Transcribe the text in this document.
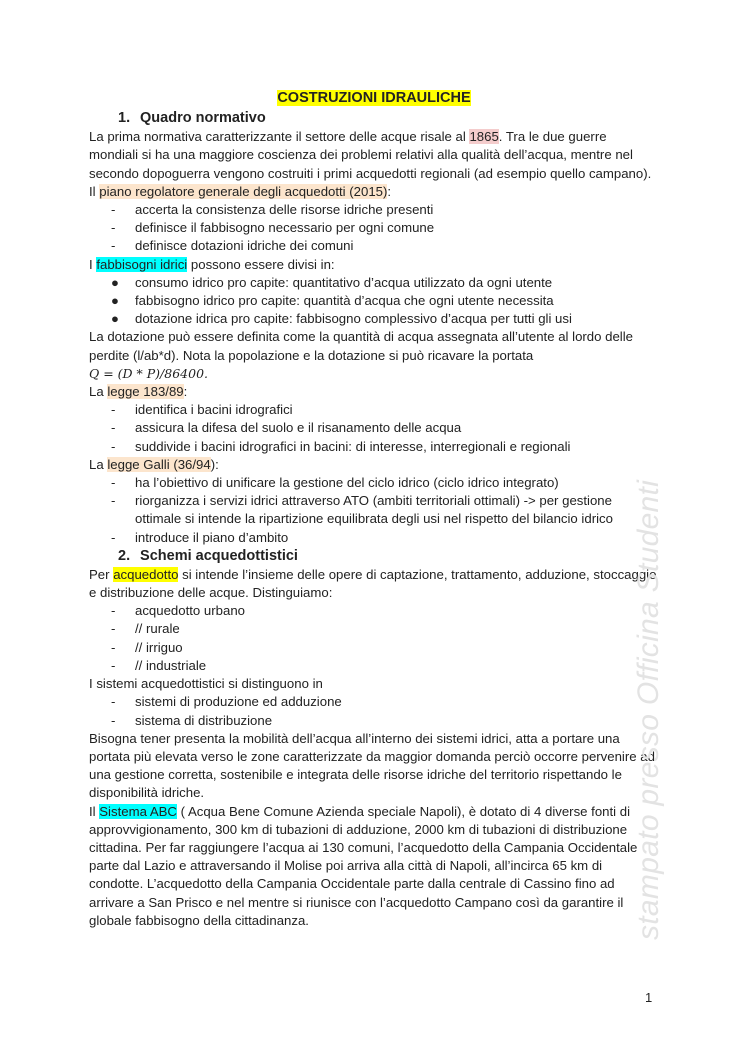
COSTRUZIONI IDRAULICHE
1. Quadro normativo

La prima normativa caratterizzante il settore delle acque risale al 1865. Tra le due guerre mondiali si ha una maggiore coscienza dei problemi relativi alla qualità dell’acqua, mentre nel secondo dopoguerra vengono costruiti i primi acquedotti regionali (ad esempio quello campano).

Il piano regolatore generale degli acquedotti (2015):

- accerta la consistenza delle risorse idriche presenti
- definisce il fabbisogno necessario per ogni comune
- definisce dotazioni idriche dei comuni

I fabbisogni idrici possono essere divisi in:

● consumo idrico pro capite: quantitativo d’acqua utilizzato da ogni utente
● fabbisogno idrico pro capite: quantità d’acqua che ogni utente necessita
● dotazione idrica pro capite: fabbisogno complessivo d’acqua per tutti gli usi

La dotazione può essere definita come la quantità di acqua assegnata all’utente al lordo delle perdite (l/ab*d). Nota la popolazione e la dotazione si può ricavare la portata

Q = (D * P)/86400.

La legge 183/89:

- identifica i bacini idrografici
- assicura la difesa del suolo e il risanamento delle acqua
- suddivide i bacini idrografici in bacini: di interesse, interregionali e regionali

La legge Galli (36/94):

- ha l’obiettivo di unificare la gestione del ciclo idrico (ciclo idrico integrato)
- riorganizza i servizi idrici attraverso ATO (ambiti territoriali ottimali) -> per gestione ottimale si intende la ripartizione equilibrata degli usi nel rispetto del bilancio idrico
- introduce il piano d’ambito
2. Schemi acquedottistici

Per acquedotto si intende l’insieme delle opere di captazione, trattamento, adduzione, stoccaggio e distribuzione delle acque. Distinguiamo:

- acquedotto urbano
- // rurale
- // irriguo
- // industriale

I sistemi acquedottistici si distinguono in

- sistemi di produzione ed adduzione
- sistema di distribuzione

Bisogna tener presenta la mobilità dell’acqua all’interno dei sistemi idrici, atta a portare una portata più elevata verso le zone caratterizzate da maggior domanda perciò occorre pervenire ad una gestione corretta, sostenibile e integrata delle risorse idriche del territorio rispettando le disponibilità idriche.

Il Sistema ABC ( Acqua Bene Comune Azienda speciale Napoli), è dotato di 4 diverse fonti di approvvigionamento, 300 km di tubazioni di adduzione, 2000 km di tubazioni di distribuzione cittadina. Per far raggiungere l’acqua ai 130 comuni, l’acquedotto della Campania Occidentale parte dal Lazio e attraversando il Molise poi arriva alla città di Napoli, all’incirca 65 km di condotte. L’acquedotto della Campania Occidentale parte dalla centrale di Cassino fino ad arrivare a San Prisco e nel mentre si riunisce con l’acquedotto Campano così da garantire il globale fabbisogno della cittadinanza.	stampato presso Officina Studenti
1
